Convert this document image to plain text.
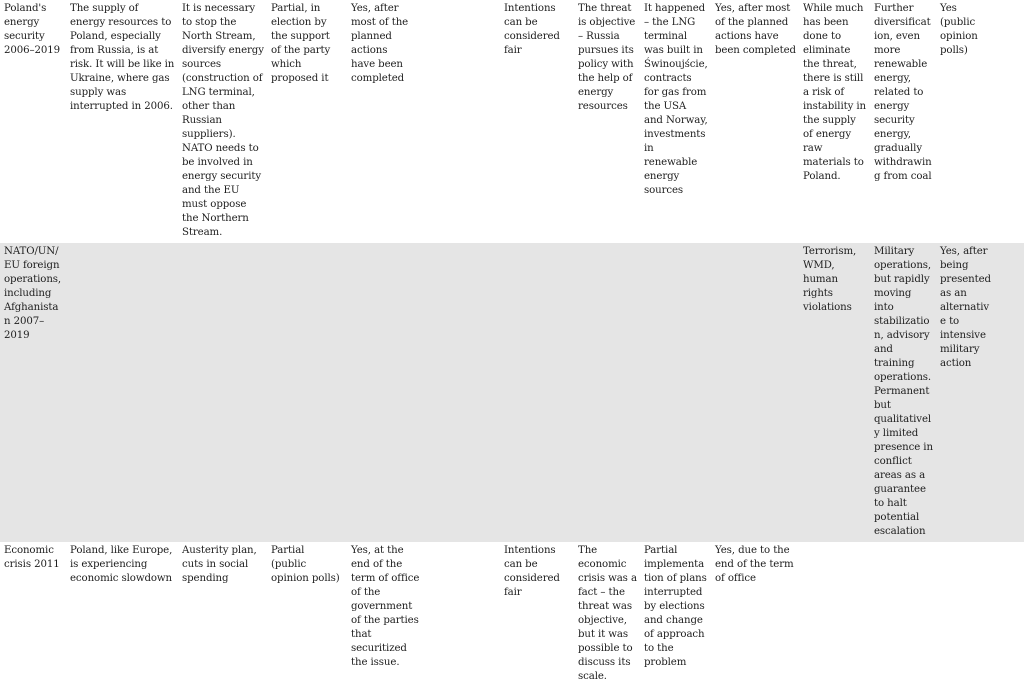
Poland's energy security 2006–2019	The supply of energy resources to Poland, especially from Russia, is at risk. It will be like in Ukraine, where gas supply was interrupted in 2006.	It is necessary to stop the North Stream, diversify energy sources (construction of LNG terminal, other than Russian suppliers). NATO needs to be involved in energy security and the EU must oppose the Northern Stream.	Partial, in election by the support of the party which proposed it	Yes, after most of the planned actions have been completed	Intentions can be considered fair	The threat is objective – Russia pursues its policy with the help of energy resources	It happened – the LNG terminal was built in Świnoujście, contracts for gas from the USA and Norway, investments in renewable energy sources	Yes, after most of the planned actions have been completed	While much has been done to eliminate the threat, there is still a risk of instability in the supply of energy raw materials to Poland.	Further diversification, even more renewable energy, related to energy security energy, gradually withdrawing from coal	Yes (public opinion polls)
NATO/UN/EU foreign operations, including Afghanistan 2007–2019									Terrorism, WMD, human rights violations	Military operations, but rapidly moving into stabilization, advisory and training operations. Permanent but qualitatively limited presence in conflict areas as a guarantee to halt potential escalation	Yes, after being presented as an alternative to intensive military action
Economic crisis 2011	Poland, like Europe, is experiencing economic slowdown	Austerity plan, cuts in social spending	Partial (public opinion polls)	Yes, at the end of the term of office of the government of the parties that securitized the issue.	Intentions can be considered fair	The economic crisis was a fact – the threat was objective, but it was possible to discuss its scale.	Partial implementation of plans interrupted by elections and change of approach to the problem	Yes, due to the end of the term of office			
